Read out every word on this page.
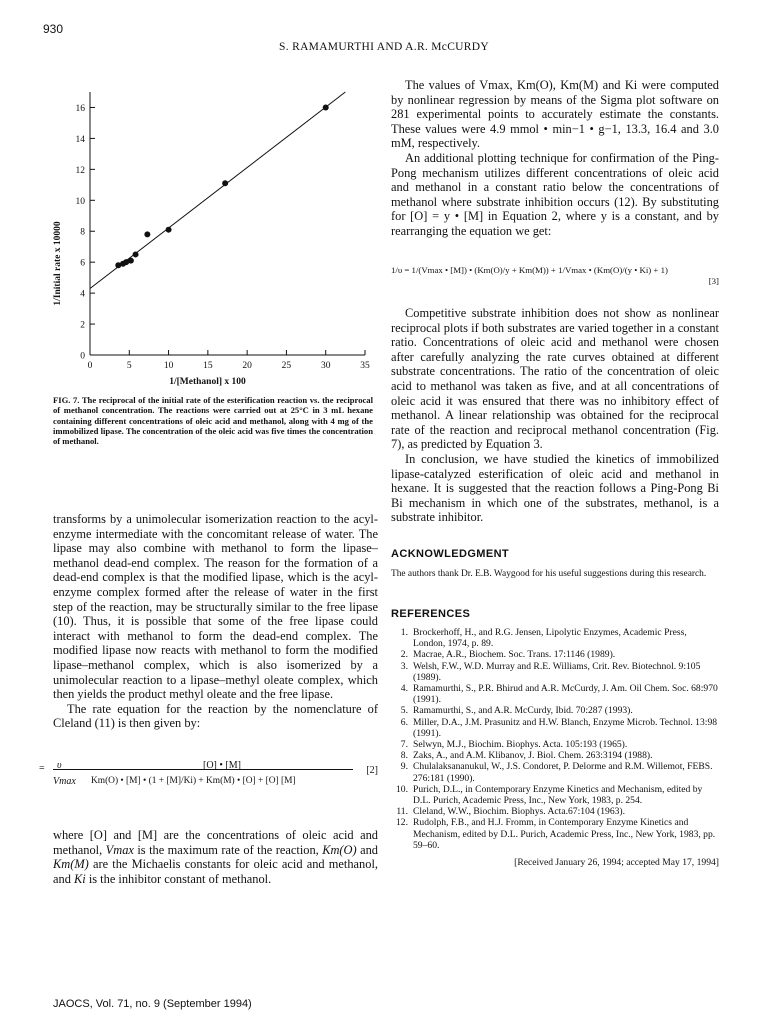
930
S. RAMAMURTHI AND A.R. McCURDY
0	5	10	15	20	25	30	35
0
2
4
6
8
10
12
14
16
1/[Methanol] x 100
1/Initial rate x 10000
FIG. 7. The reciprocal of the initial rate of the esterification reaction vs. the reciprocal of methanol concentration. The reactions were carried out at 25°C in 3 mL hexane containing different concentrations of oleic acid and methanol, along with 4 mg of the immobilized lipase. The concentration of the oleic acid was five times the concentration of methanol.

transforms by a unimolecular isomerization reaction to the acyl-enzyme intermediate with the concomitant release of water. The lipase may also combine with methanol to form the lipase–methanol dead-end complex. The reason for the formation of a dead-end complex is that the modified lipase, which is the acyl-enzyme complex formed after the release of water in the first step of the reaction, may be structurally similar to the free lipase (10). Thus, it is possible that some of the free lipase could interact with methanol to form the dead-end complex. The modified lipase now reacts with methanol to form the modified lipase–methanol complex, which is also isomerized by a unimolecular reaction to a lipase–methyl oleate complex, which then yields the product methyl oleate and the free lipase.

The rate equation for the reaction by the nomenclature of Cleland (11) is then given by:

υ	[O] • [M]
=
Vmax Km(O) • [M] • (1 + [M]/Ki) + Km(M) • [O] + [O] [M]
[2]

where [O] and [M] are the concentrations of oleic acid and methanol, Vmax is the maximum rate of the reaction, Km(O) and Km(M) are the Michaelis constants for oleic acid and methanol, and Ki is the inhibitor constant of methanol.

The values of Vmax, Km(O), Km(M) and Ki were computed by nonlinear regression by means of the Sigma plot software on 281 experimental points to accurately estimate the constants. These values were 4.9 mmol • min−1 • g−1, 13.3, 16.4 and 3.0 mM, respectively.

An additional plotting technique for confirmation of the Ping-Pong mechanism utilizes different concentrations of oleic acid and methanol in a constant ratio below the concentrations of methanol where substrate inhibition occurs (12). By substituting for [O] = y • [M] in Equation 2, where y is a constant, and by rearranging the equation we get:

1/υ = 1/(Vmax • [M]) • (Km(O)/y + Km(M)) + 1/Vmax • (Km(O)/(y • Ki) + 1)
[3]

Competitive substrate inhibition does not show as nonlinear reciprocal plots if both substrates are varied together in a constant ratio. Concentrations of oleic acid and methanol were chosen after carefully analyzing the rate curves obtained at different substrate concentrations. The ratio of the concentration of oleic acid to methanol was taken as five, and at all concentrations of oleic acid it was ensured that there was no inhibitory effect of methanol. A linear relationship was obtained for the reciprocal rate of the reaction and reciprocal methanol concentration (Fig. 7), as predicted by Equation 3.

In conclusion, we have studied the kinetics of immobilized lipase-catalyzed esterification of oleic acid and methanol in hexane. It is suggested that the reaction follows a Ping-Pong Bi Bi mechanism in which one of the substrates, methanol, is a substrate inhibitor.

ACKNOWLEDGMENT
The authors thank Dr. E.B. Waygood for his useful suggestions during this research.
REFERENCES
1. Brockerhoff, H., and R.G. Jensen, Lipolytic Enzymes, Academic Press, London, 1974, p. 89.
2. Macrae, A.R., Biochem. Soc. Trans. 17:1146 (1989).
3. Welsh, F.W., W.D. Murray and R.E. Williams, Crit. Rev. Biotechnol. 9:105 (1989).
4. Ramamurthi, S., P.R. Bhirud and A.R. McCurdy, J. Am. Oil Chem. Soc. 68:970 (1991).
5. Ramamurthi, S., and A.R. McCurdy, Ibid. 70:287 (1993).
6. Miller, D.A., J.M. Prasunitz and H.W. Blanch, Enzyme Microb. Technol. 13:98 (1991).
7. Selwyn, M.J., Biochim. Biophys. Acta. 105:193 (1965).
8. Zaks, A., and A.M. Klibanov, J. Biol. Chem. 263:3194 (1988).
9. Chulalaksananukul, W., J.S. Condoret, P. Delorme and R.M. Willemot, FEBS. 276:181 (1990).
10. Purich, D.L., in Contemporary Enzyme Kinetics and Mechanism, edited by D.L. Purich, Academic Press, Inc., New York, 1983, p. 254.
11. Cleland, W.W., Biochim. Biophys. Acta.67:104 (1963).
12. Rudolph, F.B., and H.J. Fromm, in Contemporary Enzyme Kinetics and Mechanism, edited by D.L. Purich, Academic Press, Inc., New York, 1983, pp. 59–60.
[Received January 26, 1994; accepted May 17, 1994]
JAOCS, Vol. 71, no. 9 (September 1994)
